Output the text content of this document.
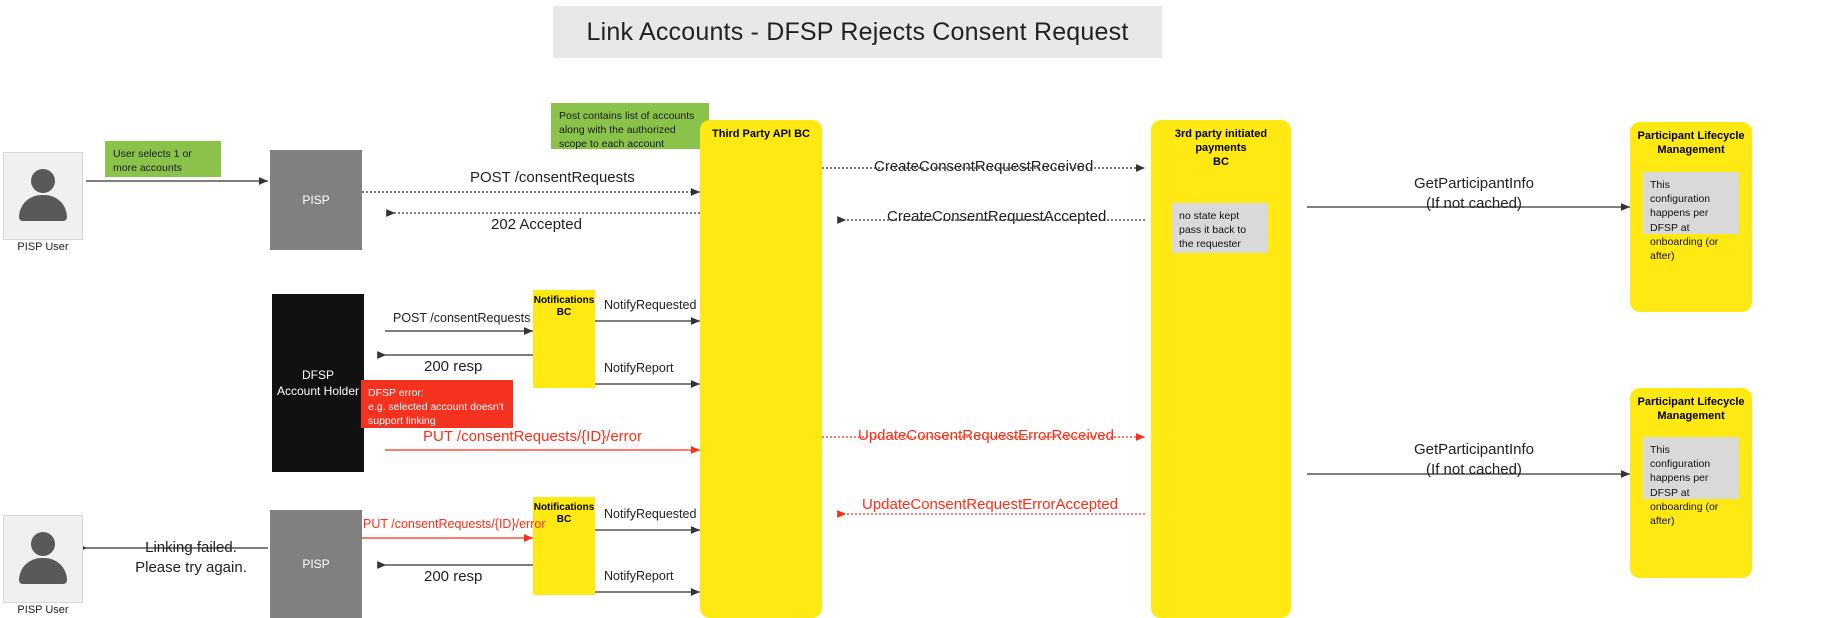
Link Accounts - DFSP Rejects Consent Request
PISP User
User selects 1 or more accounts
PISP
Post contains list of accounts along with the authorized scope to each account
Third Party API BC	3rd party initiated payments
BC
no state kept pass it back to the requester
Participant Lifecycle
Management
This configuration happens per DFSP at onboarding (or after)
Participant Lifecycle
Management
This configuration happens per DFSP at onboarding (or after)
DFSP
Account Holder DFSP error:
e.g. selected account doesn't
support linking
Notifications
BC
Notifications
BC
PISP
PISP User
POST /consentRequests
202 Accepted
CreateConsentRequestReceived
CreateConsentRequestAccepted
GetParticipantInfo
(If not cached)
POST /consentRequests
200 resp
NotifyRequested
NotifyReport
PUT /consentRequests/{ID}/error	UpdateConsentRequestErrorReceived
GetParticipantInfo
(If not cached)
UpdateConsentRequestErrorAccepted
PUT /consentRequests/{ID}/error
NotifyRequested
NotifyReport
200 resp
Linking failed.
Please try again.
